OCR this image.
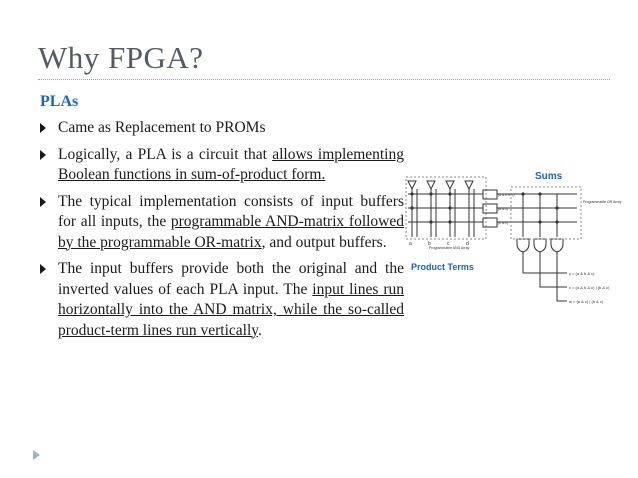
Why FPGA?
PLAs
Came as Replacement to PROMs
Logically, a PLA is a circuit that allows implementing Boolean functions in sum-of-product form.
The typical implementation consists of input buffers for all inputs, the programmable AND-matrix followed by the programmable OR-matrix, and output buffers.
The input buffers provide both the original and the inverted values of each PLA input. The input lines run horizontally into the AND matrix, while the so-called product-term lines run vertically.
Sums
Product Terms
Programmable OR Array
Programmable AND Array
a	b	c	d
(a & b & c)
(a & c)
(b & c)
y = (a & b & c)
x = (a & b & c) | (b & c)
w = (a & c) | (b & c)
